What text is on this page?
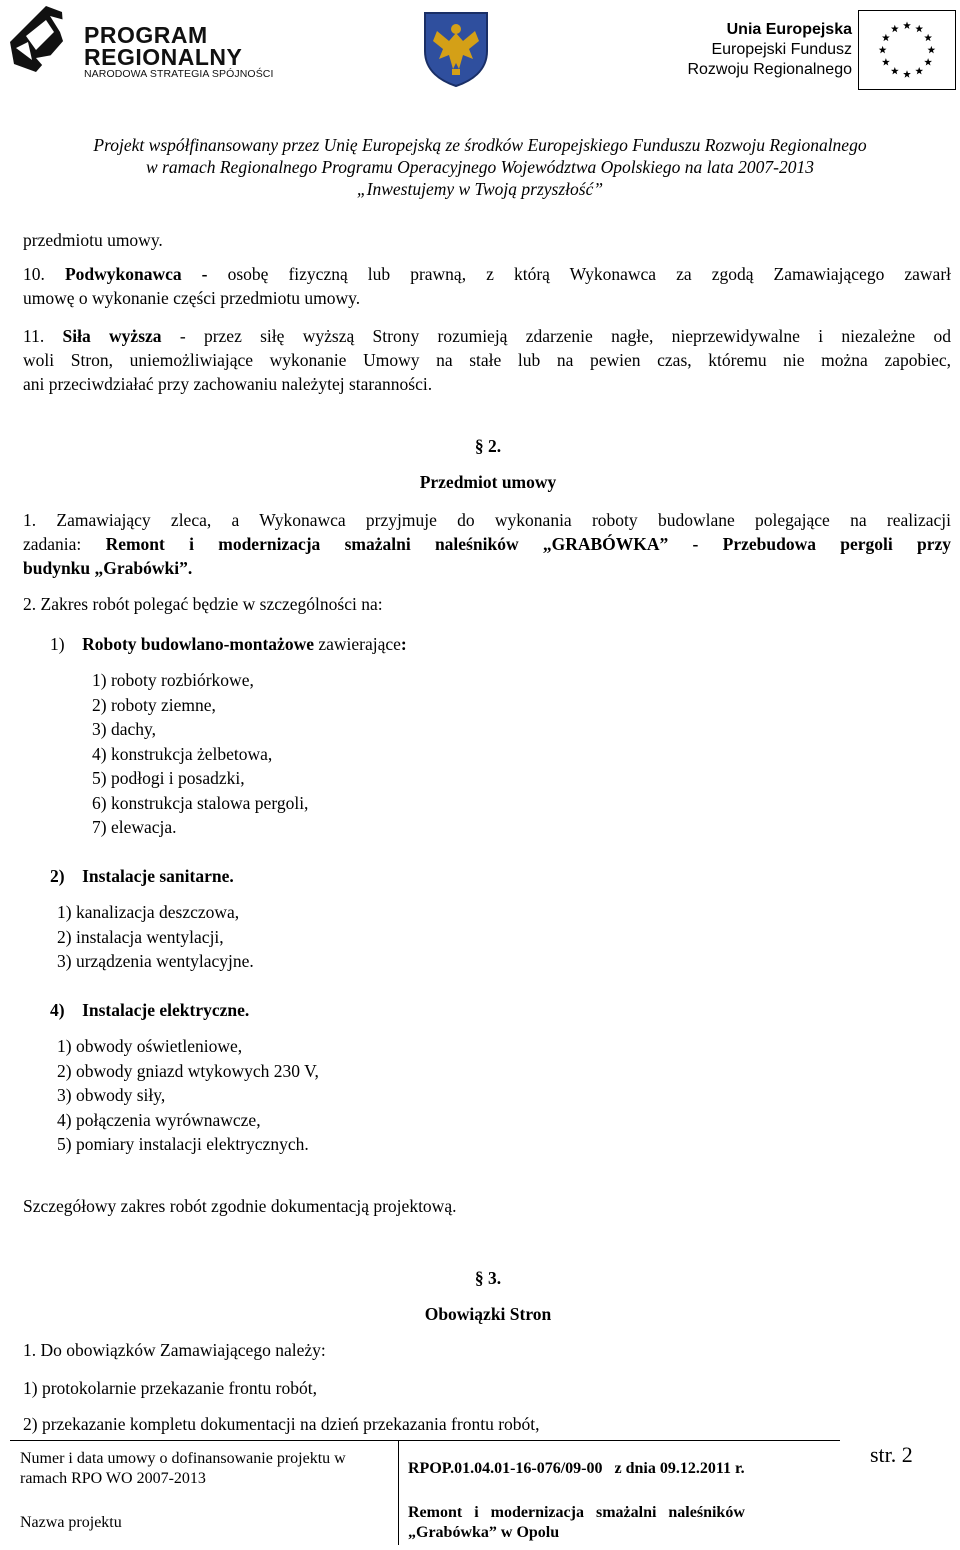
PROGRAM
REGIONALNY
NARODOWA STRATEGIA SPÓJNOŚCI
Unia Europejska
Europejski Fundusz
Rozwoju Regionalnego
Projekt współfinansowany przez Unię Europejską ze środków Europejskiego Funduszu Rozwoju Regionalnego
w ramach Regionalnego Programu Operacyjnego Województwa Opolskiego na lata 2007-2013
„Inwestujemy w Twoją przyszłość”
przedmiotu umowy.
10. Podwykonawca - osobę fizyczną lub prawną, z którą Wykonawca za zgodą Zamawiającego zawarł
umowę o wykonanie części przedmiotu umowy.
11. Siła wyższa - przez siłę wyższą Strony rozumieją zdarzenie nagłe, nieprzewidywalne i niezależne od
woli Stron, uniemożliwiające wykonanie Umowy na stałe lub na pewien czas, któremu nie można zapobiec,
ani przeciwdziałać przy zachowaniu należytej staranności.
§ 2.
Przedmiot umowy
1. Zamawiający zleca, a Wykonawca przyjmuje do wykonania roboty budowlane polegające na realizacji
zadania: Remont i modernizacja smażalni naleśników „GRABÓWKA” - Przebudowa pergoli przy
budynku „Grabówki”.
2. Zakres robót polegać będzie w szczególności na:
1) Roboty budowlano-montażowe zawierające:
1) roboty rozbiórkowe,
2) roboty ziemne,
3) dachy,
4) konstrukcja żelbetowa,
5) podłogi i posadzki,
6) konstrukcja stalowa pergoli,
7) elewacja.
2)    Instalacje sanitarne.
1) kanalizacja deszczowa,
2) instalacja wentylacji,
3) urządzenia wentylacyjne.
4)    Instalacje elektryczne.
1) obwody oświetleniowe,
2) obwody gniazd wtykowych 230 V,
3) obwody siły,
4) połączenia wyrównawcze,
5) pomiary instalacji elektrycznych.
Szczegółowy zakres robót zgodnie dokumentacją projektową.
§ 3.
Obowiązki Stron
1. Do obowiązków Zamawiającego należy:
1) protokolarnie przekazanie frontu robót,
2) przekazanie kompletu dokumentacji na dzień przekazania frontu robót,
Numer i data umowy o dofinansowanie projektu w
ramach RPO WO 2007-2013
RPOP.01.04.01-16-076/09-00   z dnia 09.12.2011 r.
Nazwa projektu
Remont   i   modernizacja   smażalni   naleśników
„Grabówka” w Opolu
str. 2
